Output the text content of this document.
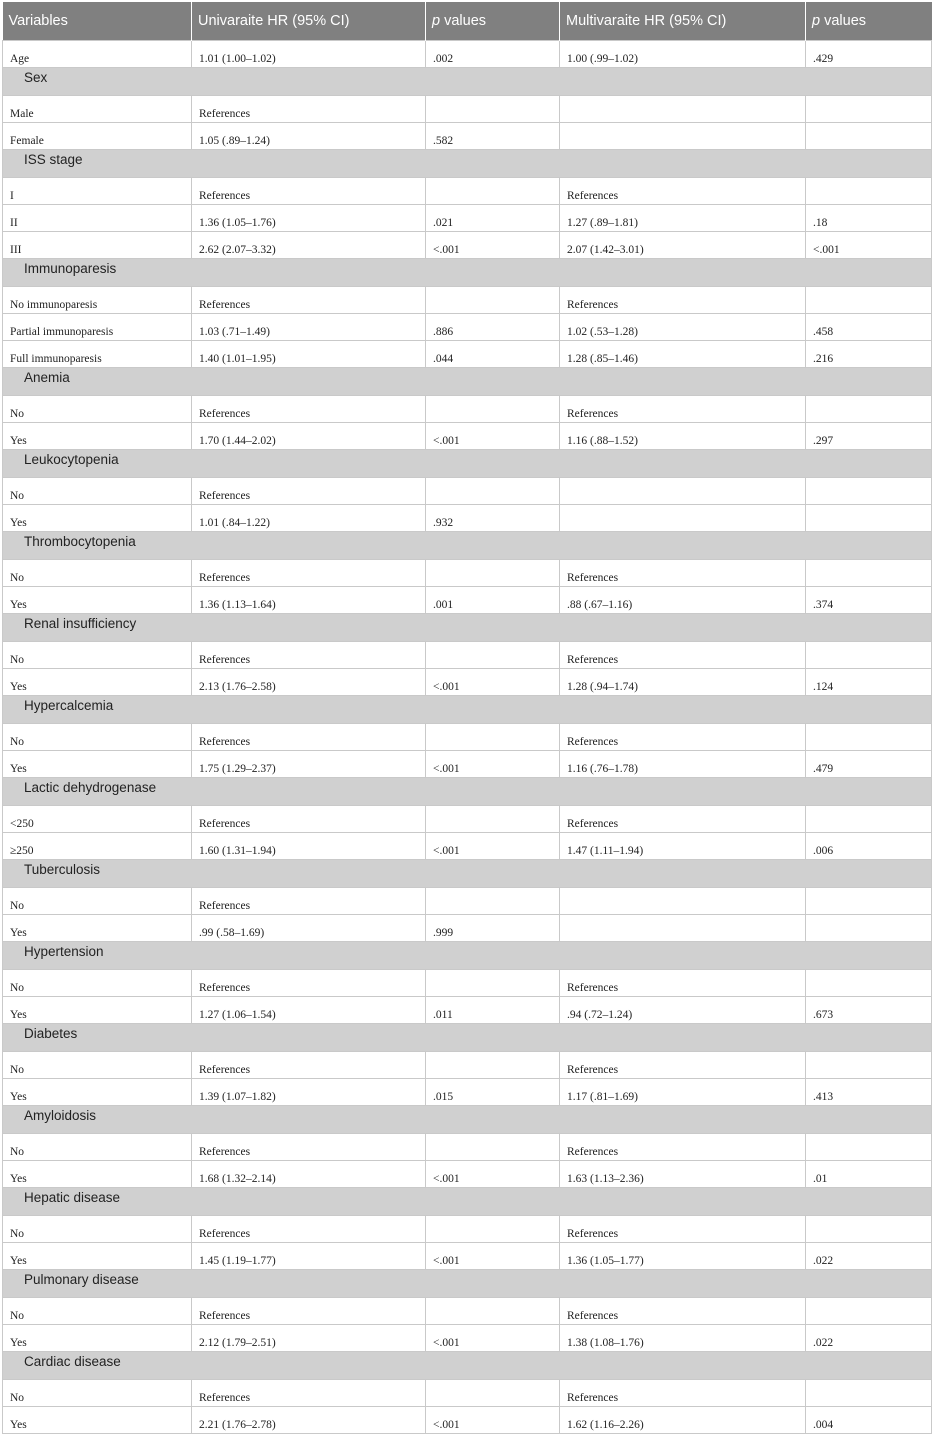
Variables	Univaraite HR (95% CI)	p values	Multivaraite HR (95% CI)	p values
Age	1.01 (1.00–1.02)	.002	1.00 (.99–1.02)	.429
Sex				
Male	References			
Female	1.05 (.89–1.24)	.582		
ISS stage				
I	References		References	
II	1.36 (1.05–1.76)	.021	1.27 (.89–1.81)	.18
III	2.62 (2.07–3.32)	<.001	2.07 (1.42–3.01)	<.001
Immunoparesis				
No immunoparesis	References		References	
Partial immunoparesis	1.03 (.71–1.49)	.886	1.02 (.53–1.28)	.458
Full immunoparesis	1.40 (1.01–1.95)	.044	1.28 (.85–1.46)	.216
Anemia				
No	References		References	
Yes	1.70 (1.44–2.02)	<.001	1.16 (.88–1.52)	.297
Leukocytopenia				
No	References			
Yes	1.01 (.84–1.22)	.932		
Thrombocytopenia				
No	References		References	
Yes	1.36 (1.13–1.64)	.001	.88 (.67–1.16)	.374
Renal insufficiency				
No	References		References	
Yes	2.13 (1.76–2.58)	<.001	1.28 (.94–1.74)	.124
Hypercalcemia				
No	References		References	
Yes	1.75 (1.29–2.37)	<.001	1.16 (.76–1.78)	.479
Lactic dehydrogenase				
<250	References		References	
≥250	1.60 (1.31–1.94)	<.001	1.47 (1.11–1.94)	.006
Tuberculosis				
No	References			
Yes	.99 (.58–1.69)	.999		
Hypertension				
No	References		References	
Yes	1.27 (1.06–1.54)	.011	.94 (.72–1.24)	.673
Diabetes				
No	References		References	
Yes	1.39 (1.07–1.82)	.015	1.17 (.81–1.69)	.413
Amyloidosis				
No	References		References	
Yes	1.68 (1.32–2.14)	<.001	1.63 (1.13–2.36)	.01
Hepatic disease				
No	References		References	
Yes	1.45 (1.19–1.77)	<.001	1.36 (1.05–1.77)	.022
Pulmonary disease				
No	References		References	
Yes	2.12 (1.79–2.51)	<.001	1.38 (1.08–1.76)	.022
Cardiac disease				
No	References		References	
Yes	2.21 (1.76–2.78)	<.001	1.62 (1.16–2.26)	.004
